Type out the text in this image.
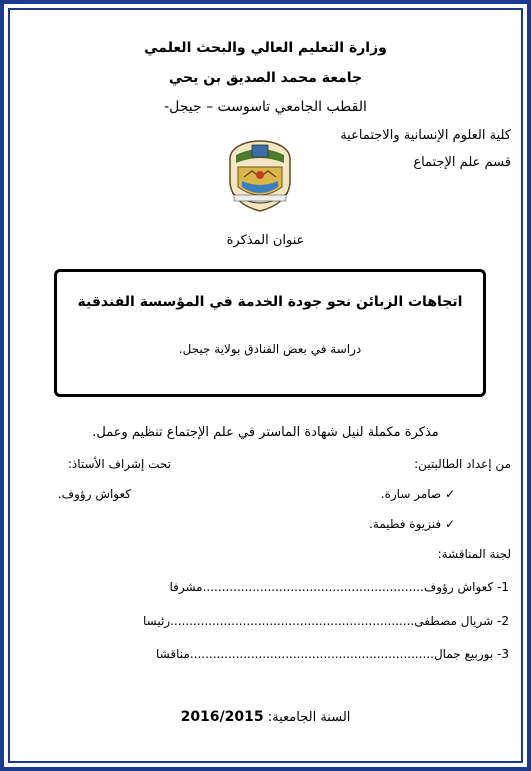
وزارة التعليم العالي والبحث العلمي
جامعة محمد الصديق بن يحي
القطب الجامعي تاسوست – جيجل-
كلية العلوم الإنسانية والاجتماعية
قسم علم الإجتماع
عنوان المذكرة
اتجاهات الزبائن نحو جودة الخدمة في المؤسسة الفندقية
دراسة في بعض الفنادق بولاية جيجل.
مذكرة مكملة لنيل شهادة الماستر في علم الإجتماع تنظيم وعمل.
من إعداد الطالبتين:
تحت إشراف الأستاذ:
✓ صامر سارة.
كعواش رؤوف.
✓ فنزيوة فطيمة.
لجنة المناقشة:
1- كعواش رؤوف..........................................................مشرفا
2- شريال مصطفى................................................................رئيسا
3- بوربيع جمال................................................................مناقشا
السنة الجامعية: 2016/2015
